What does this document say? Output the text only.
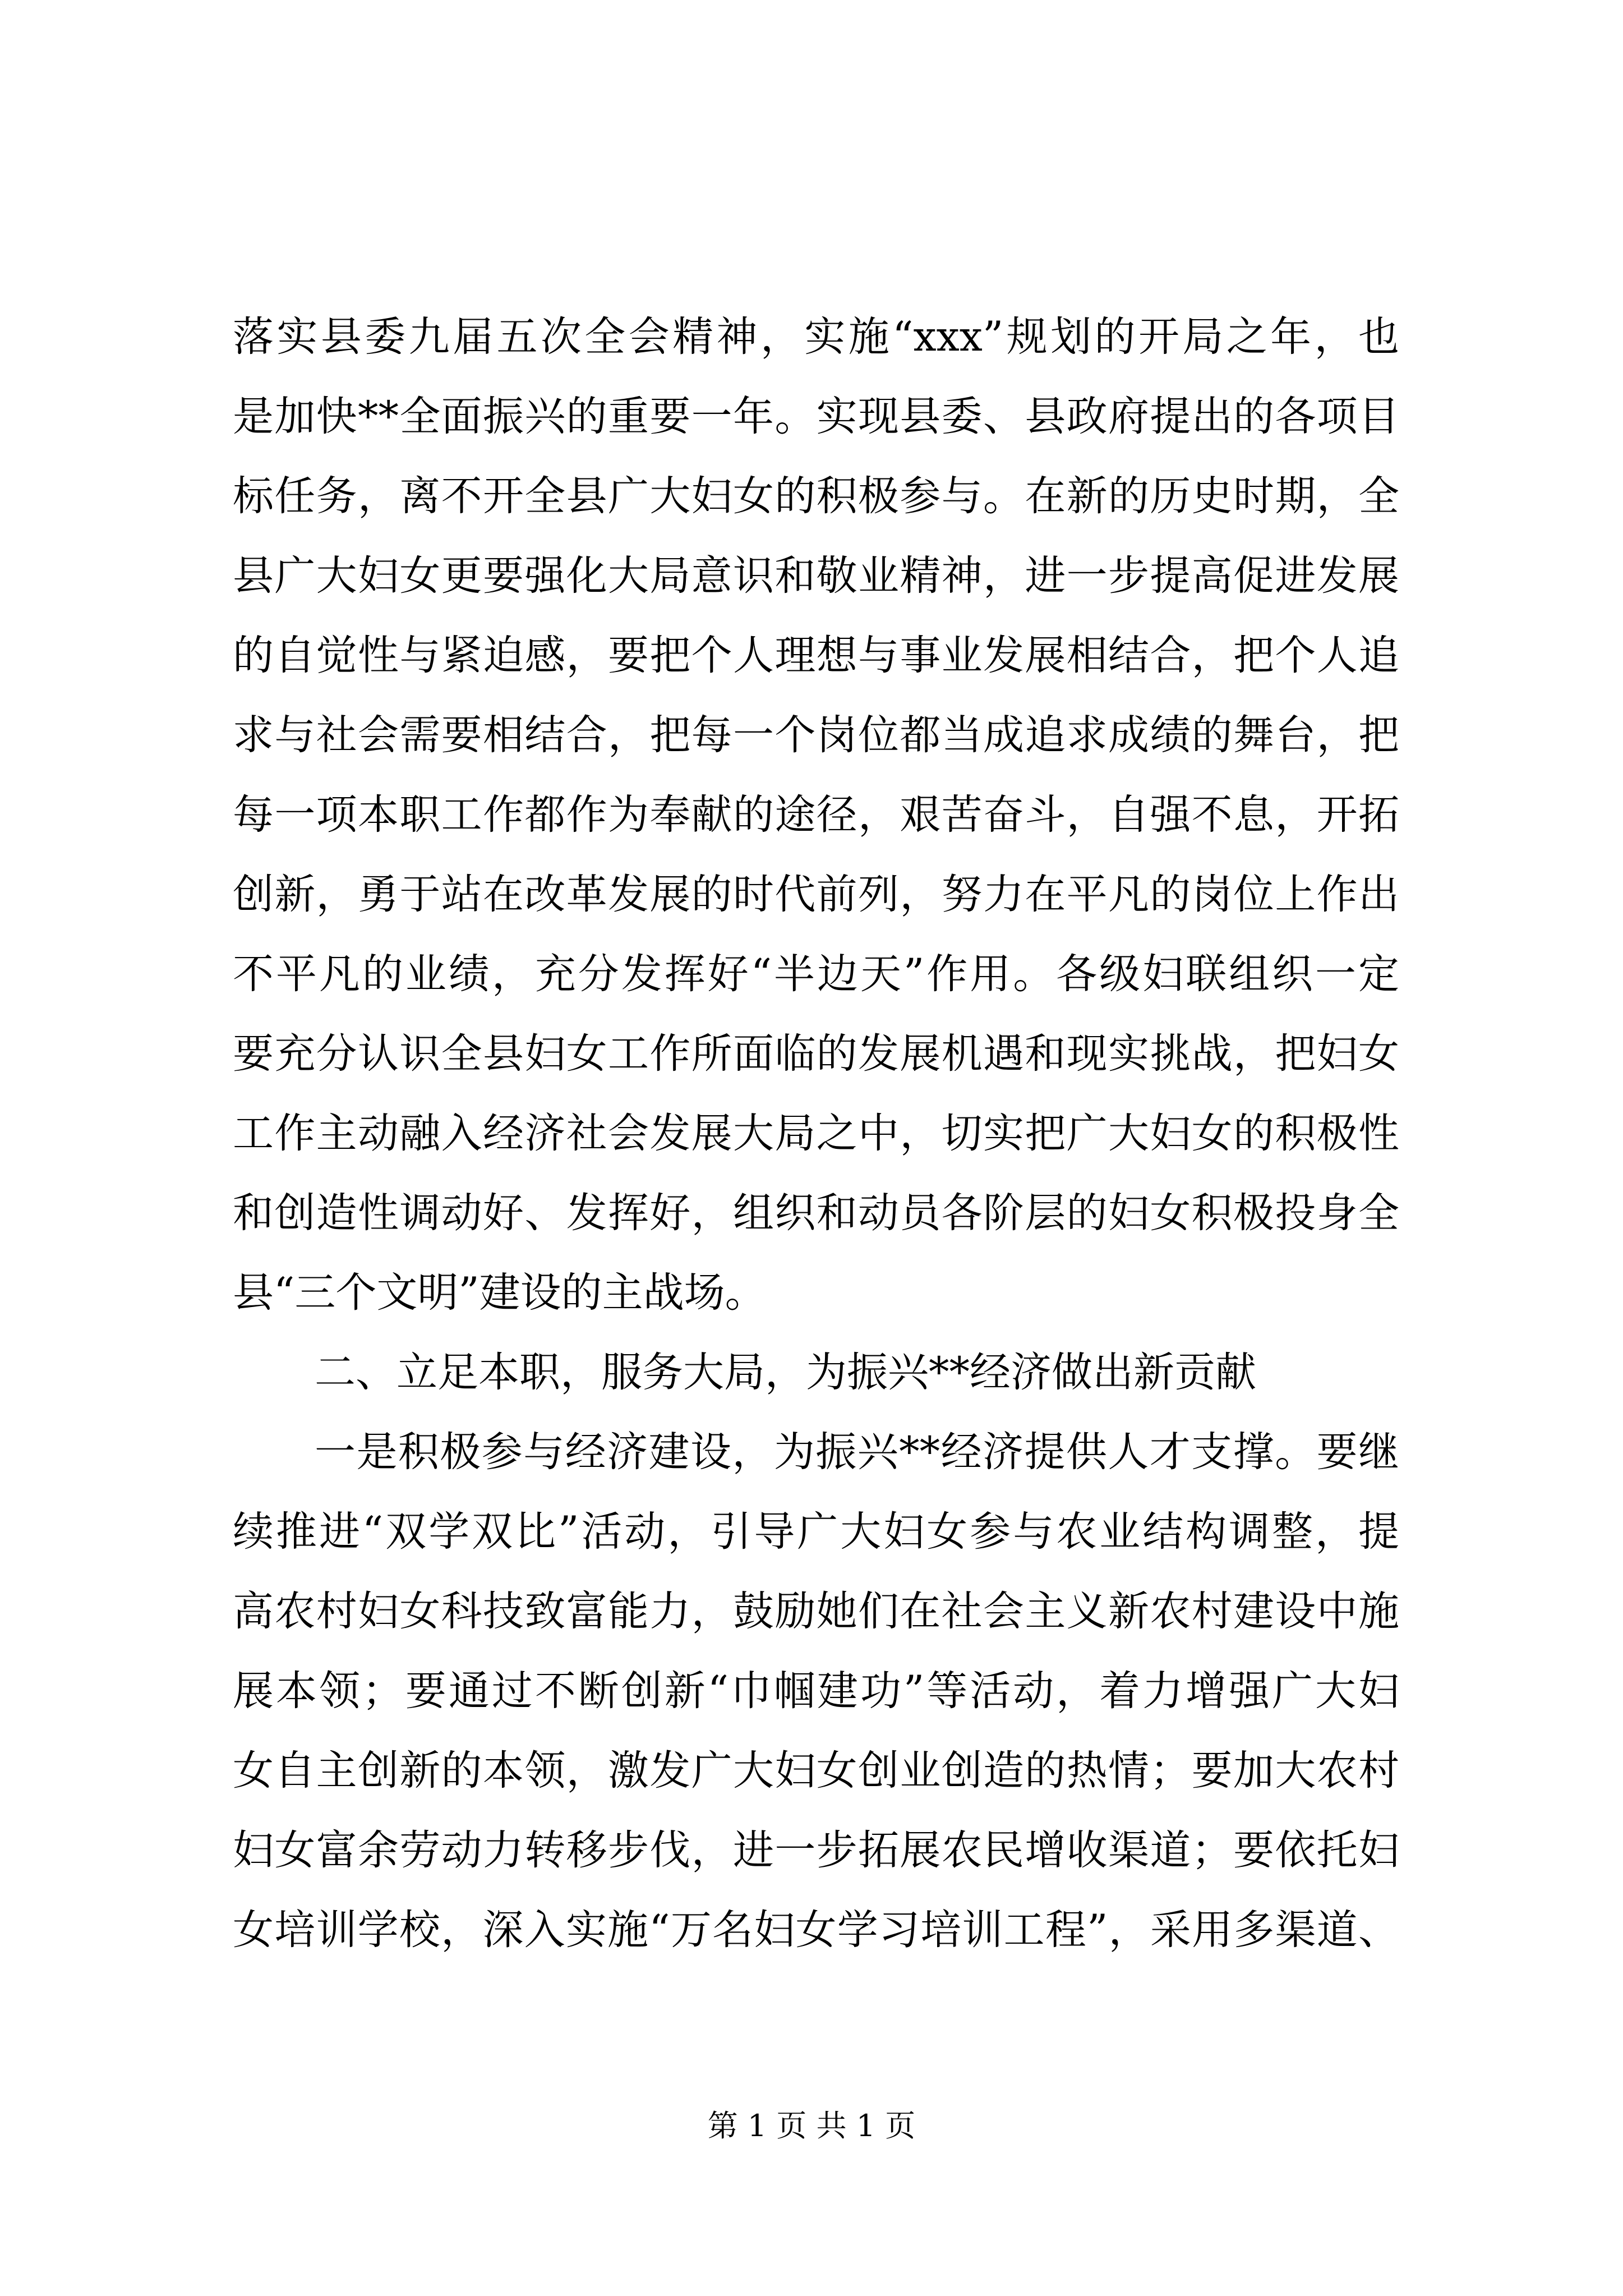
落实县委九届五次全会精神，实施“xxx”规划的开局之年，也
是加快**全面振兴的重要一年。实现县委、县政府提出的各项目
标任务，离不开全县广大妇女的积极参与。在新的历史时期，全
县广大妇女更要强化大局意识和敬业精神，进一步提高促进发展
的自觉性与紧迫感，要把个人理想与事业发展相结合，把个人追
求与社会需要相结合，把每一个岗位都当成追求成绩的舞台，把
每一项本职工作都作为奉献的途径，艰苦奋斗，自强不息，开拓
创新，勇于站在改革发展的时代前列，努力在平凡的岗位上作出
不平凡的业绩，充分发挥好“半边天”作用。各级妇联组织一定
要充分认识全县妇女工作所面临的发展机遇和现实挑战，把妇女
工作主动融入经济社会发展大局之中，切实把广大妇女的积极性
和创造性调动好、发挥好，组织和动员各阶层的妇女积极投身全
县“三个文明”建设的主战场。
二、立足本职，服务大局，为振兴**经济做出新贡献
一是积极参与经济建设，为振兴**经济提供人才支撑。要继
续推进“双学双比”活动，引导广大妇女参与农业结构调整，提
高农村妇女科技致富能力，鼓励她们在社会主义新农村建设中施
展本领；要通过不断创新“巾帼建功”等活动，着力增强广大妇
女自主创新的本领，激发广大妇女创业创造的热情；要加大农村
妇女富余劳动力转移步伐，进一步拓展农民增收渠道；要依托妇
女培训学校，深入实施“万名妇女学习培训工程”，采用多渠道、
第 1 页 共 1 页
